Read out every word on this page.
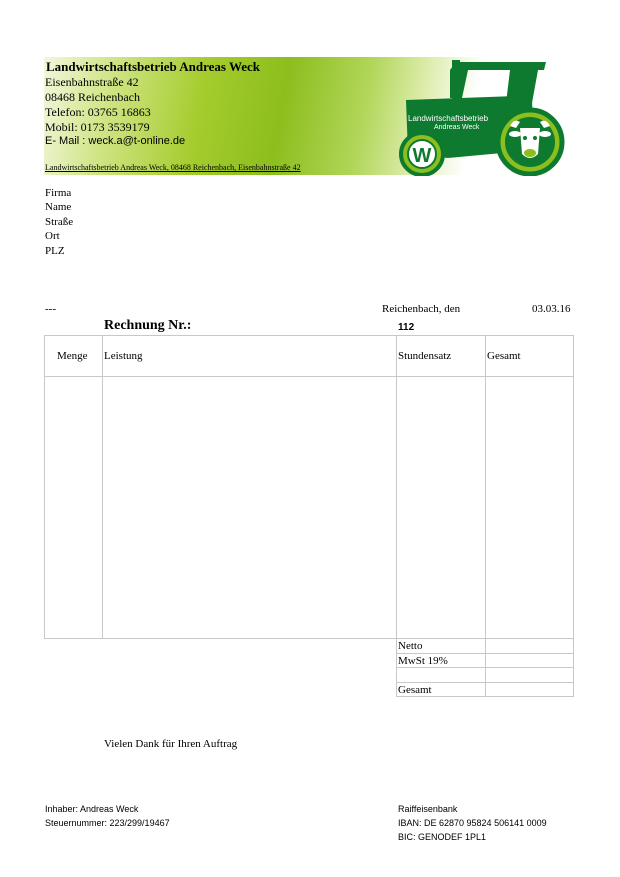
Landwirtschaftsbetrieb Andreas Weck
Eisenbahnstraße 42
08468 Reichenbach
Telefon: 03765 16863
Mobil: 0173 3539179
E- Mail : weck.a@t-online.de
Landwirtschaftsbetrieb Andreas Weck, 08468 Reichenbach, Eisenbahnstraße 42
Landwirtschaftsbetrieb
Andreas Weck
W
Firma
Name
Straße
Ort
PLZ
---	Reichenbach, den	03.03.16
Rechnung Nr.:	112
Menge Leistung	Stundensatz	Gesamt
Netto
MwSt 19%
Gesamt
Vielen Dank für Ihren Auftrag
Inhaber: Andreas Weck
Steuernummer: 223/299/19467
Raiffeisenbank
IBAN: DE 62870 95824 506141 0009
BIC: GENODEF 1PL1
